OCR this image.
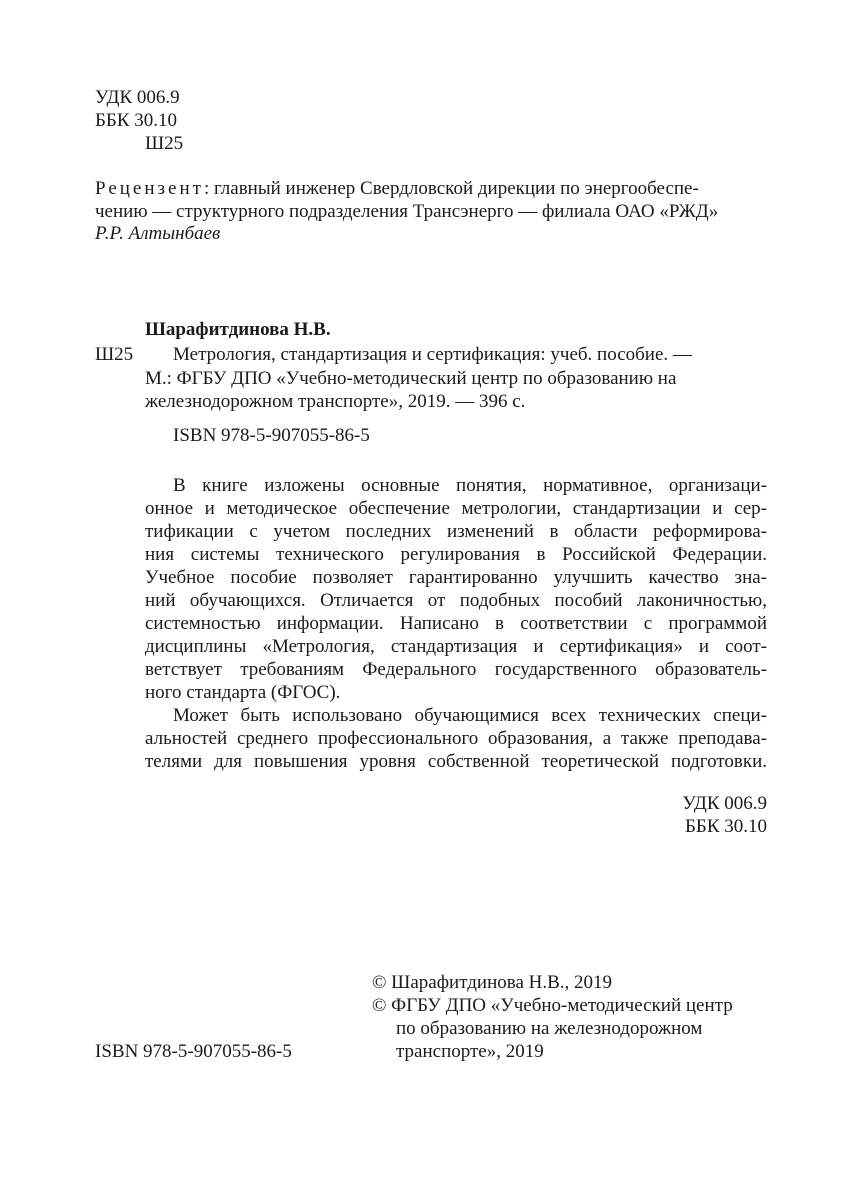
УДК 006.9
ББК 30.10
Ш25
Рецензент: главный инженер Свердловской дирекции по энергообеспе-
чению — структурного подразделения Трансэнерго — филиала ОАО «РЖД»
Р.Р. Алтынбаев
Шарафитдинова Н.В.
Ш25 Метрология, стандартизация и сертификация: учеб. пособие. —
М.: ФГБУ ДПО «Учебно-методический центр по образованию на
железнодорожном транспорте», 2019. — 396 с.
ISBN 978-5-907055-86-5
В книге изложены основные понятия, нормативное, организаци-
онное и методическое обеспечение метрологии, стандартизации и сер-
тификации с учетом последних изменений в области реформирова-
ния системы технического регулирования в Российской Федерации.
Учебное пособие позволяет гарантированно улучшить качество зна-
ний обучающихся. Отличается от подобных пособий лаконичностью,
системностью информации. Написано в соответствии с программой
дисциплины «Метрология, стандартизация и сертификация» и соот-
ветствует требованиям Федерального государственного образователь-
ного стандарта (ФГОС).
Может быть использовано обучающимися всех технических специ-
альностей среднего профессионального образования, а также преподава-
телями для повышения уровня собственной теоретической подготовки.
УДК 006.9
ББК 30.10
© Шарафитдинова Н.В., 2019
© ФГБУ ДПО «Учебно-методический центр
по образованию на железнодорожном
транспорте», 2019
ISBN 978-5-907055-86-5
